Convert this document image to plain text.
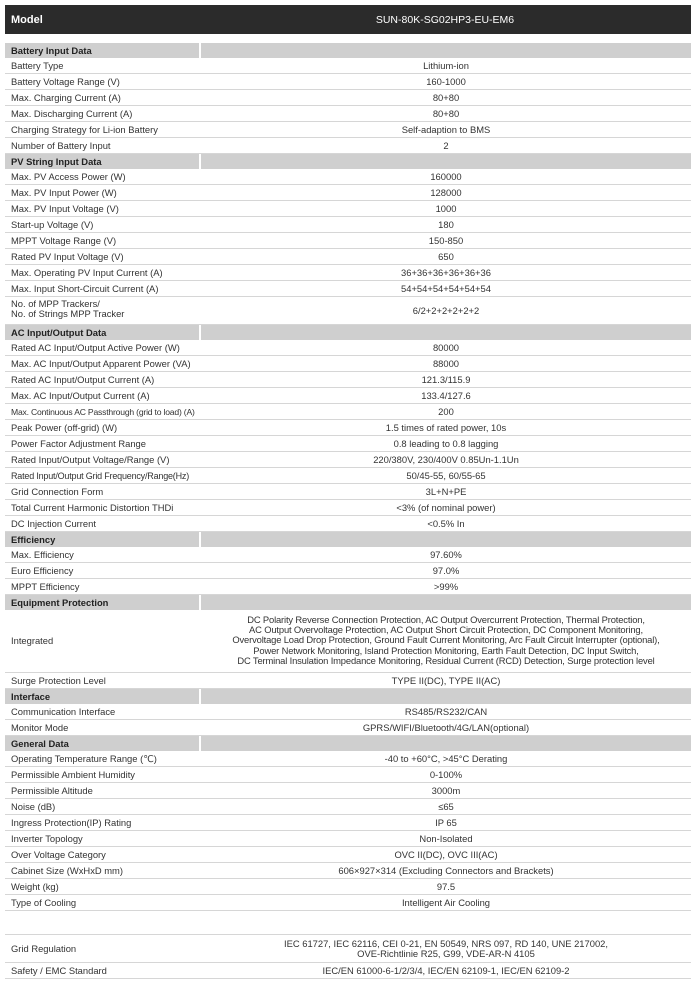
Model	SUN-80K-SG02HP3-EU-EM6
Battery Input Data
Battery Type	Lithium-ion
Battery Voltage Range (V)	160-1000
Max. Charging Current (A)	80+80
Max. Discharging Current (A)	80+80
Charging Strategy for Li-ion Battery	Self-adaption to BMS
Number of Battery Input	2
PV String Input Data
Max. PV Access Power (W)	160000
Max. PV Input Power (W)	128000
Max. PV Input Voltage (V)	1000
Start-up Voltage (V)	180
MPPT Voltage Range (V)	150-850
Rated PV Input Voltage (V)	650
Max. Operating PV Input Current (A)	36+36+36+36+36+36
Max. Input Short-Circuit Current (A)	54+54+54+54+54+54
No. of MPP Trackers/
No. of Strings MPP Tracker	6/2+2+2+2+2+2
AC Input/Output Data
Rated AC Input/Output Active Power (W)	80000
Max. AC Input/Output Apparent Power (VA)	88000
Rated AC Input/Output Current (A)	121.3/115.9
Max. AC Input/Output Current (A)	133.4/127.6
Max. Continuous AC Passthrough (grid to load) (A)	200
Peak Power (off-grid) (W)	1.5 times of rated power, 10s
Power Factor Adjustment Range	0.8 leading to 0.8 lagging
Rated Input/Output Voltage/Range (V)	220/380V, 230/400V 0.85Un-1.1Un
Rated Input/Output Grid Frequency/Range(Hz)	50/45-55, 60/55-65
Grid Connection Form	3L+N+PE
Total Current Harmonic Distortion THDi	<3% (of nominal power)
DC Injection Current	<0.5% In
Efficiency
Max. Efficiency	97.60%
Euro Efficiency	97.0%
MPPT Efficiency	>99%
Equipment Protection
Integrated
DC Polarity Reverse Connection Protection, AC Output Overcurrent Protection, Thermal Protection,
AC Output Overvoltage Protection, AC Output Short Circuit Protection, DC Component Monitoring,
Overvoltage Load Drop Protection, Ground Fault Current Monitoring, Arc Fault Circuit Interrupter (optional),
Power Network Monitoring, Island Protection Monitoring, Earth Fault Detection, DC Input Switch,
DC Terminal Insulation Impedance Monitoring, Residual Current (RCD) Detection, Surge protection level
Surge Protection Level	TYPE II(DC), TYPE II(AC)
Interface
Communication Interface	RS485/RS232/CAN
Monitor Mode	GPRS/WIFI/Bluetooth/4G/LAN(optional)
General Data
Operating Temperature Range (℃)	-40 to +60°C, >45°C Derating
Permissible Ambient Humidity	0-100%
Permissible Altitude	3000m
Noise (dB)	≤65
Ingress Protection(IP) Rating	IP 65
Inverter Topology	Non-Isolated
Over Voltage Category	OVC II(DC), OVC III(AC)
Cabinet Size (WxHxD mm)	606×927×314 (Excluding Connectors and Brackets)
Weight (kg)	97.5
Type of Cooling	Intelligent Air Cooling
Grid Regulation	IEC 61727, IEC 62116, CEI 0-21, EN 50549, NRS 097, RD 140, UNE 217002,
OVE-Richtlinie R25, G99, VDE-AR-N 4105
Safety / EMC Standard	IEC/EN 61000-6-1/2/3/4, IEC/EN 62109-1, IEC/EN 62109-2
